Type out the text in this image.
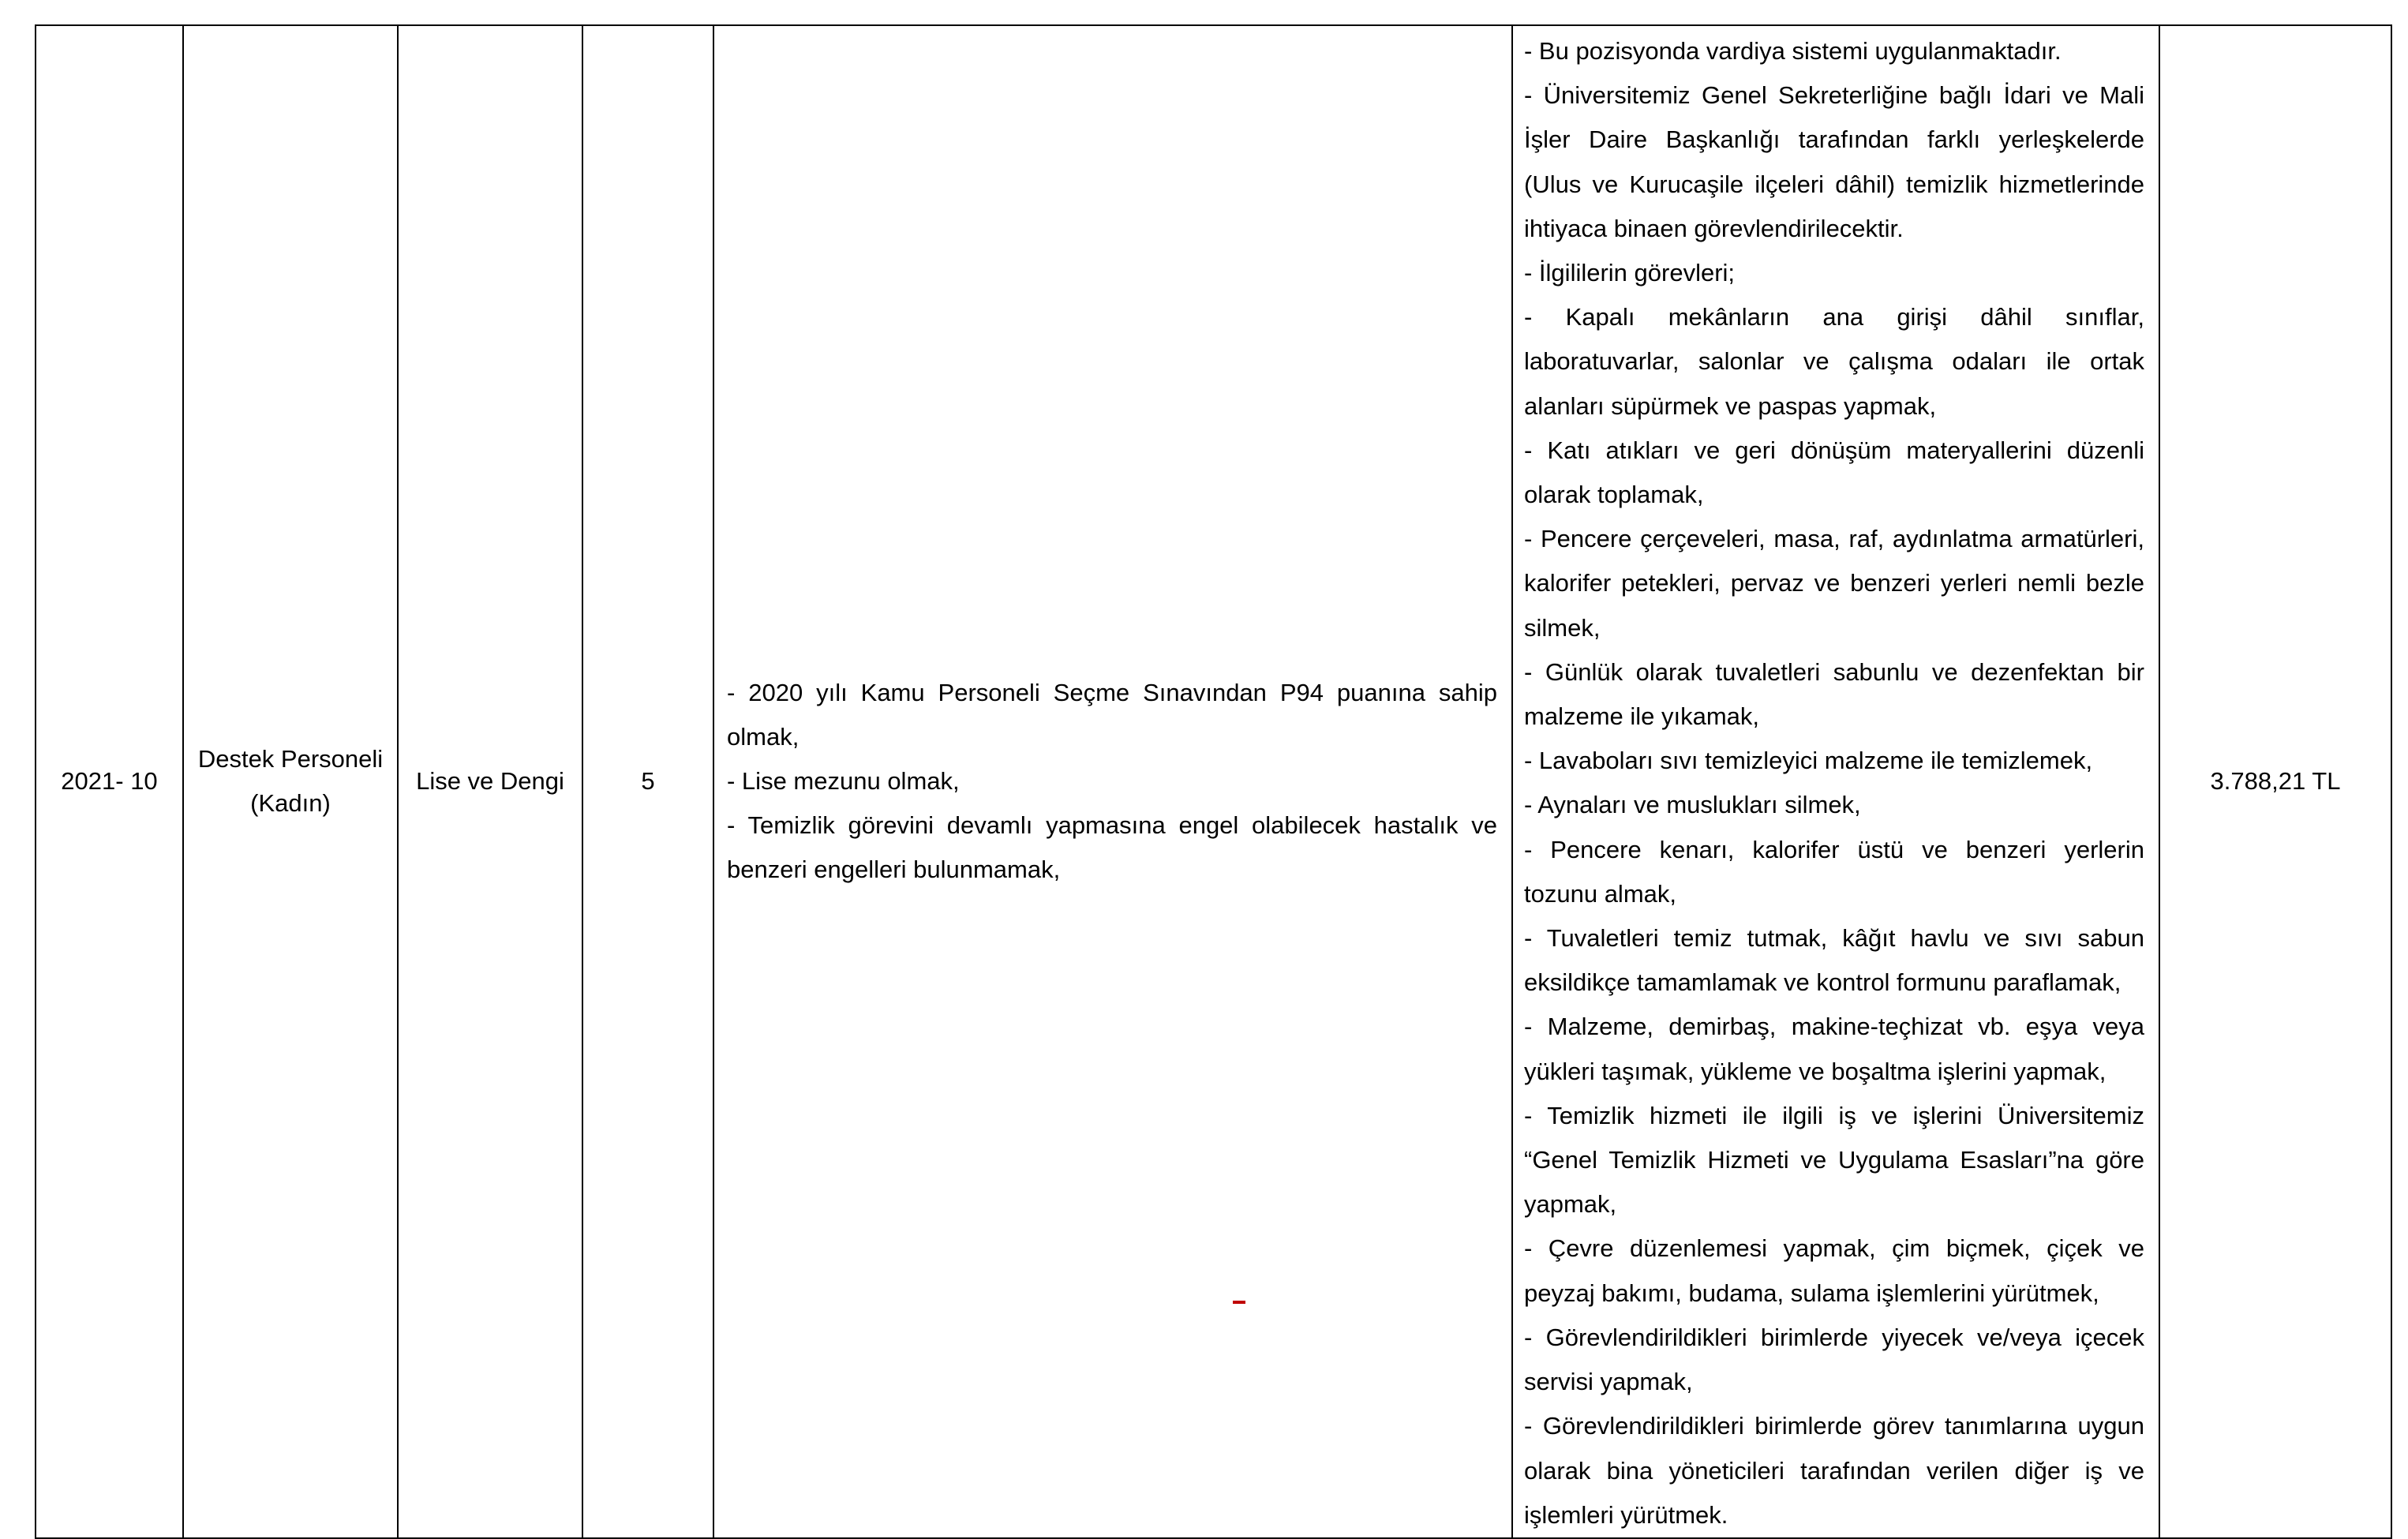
2021- 10

Destek Personeli (Kadın)

Lise ve Dengi	5

- 2020 yılı Kamu Personeli Seçme Sınavından P94 puanına sahip olmak,
- Lise mezunu olmak,
- Temizlik görevini devamlı yapmasına engel olabilecek hastalık ve benzeri engelleri bulunmamak,

- Bu pozisyonda vardiya sistemi uygulanmaktadır.
- Üniversitemiz Genel Sekreterliğine bağlı İdari ve Mali İşler Daire Başkanlığı tarafından farklı yerleşkelerde (Ulus ve Kurucaşile ilçeleri dâhil) temizlik hizmetlerinde ihtiyaca binaen görevlendirilecektir.
- İlgililerin görevleri;
- Kapalı mekânların ana girişi dâhil sınıflar, laboratuvarlar, salonlar ve çalışma odaları ile ortak alanları süpürmek ve paspas yapmak,
- Katı atıkları ve geri dönüşüm materyallerini düzenli olarak toplamak,
- Pencere çerçeveleri, masa, raf, aydınlatma armatürleri, kalorifer petekleri, pervaz ve benzeri yerleri nemli bezle silmek,
- Günlük olarak tuvaletleri sabunlu ve dezenfektan bir malzeme ile yıkamak,
- Lavaboları sıvı temizleyici malzeme ile temizlemek,
- Aynaları ve muslukları silmek,
- Pencere kenarı, kalorifer üstü ve benzeri yerlerin tozunu almak,
- Tuvaletleri temiz tutmak, kâğıt havlu ve sıvı sabun eksildikçe tamamlamak ve kontrol formunu paraflamak,
- Malzeme, demirbaş, makine-teçhizat vb. eşya veya yükleri taşımak, yükleme ve boşaltma işlerini yapmak,
- Temizlik hizmeti ile ilgili iş ve işlerini Üniversitemiz “Genel Temizlik Hizmeti ve Uygulama Esasları”na göre yapmak,
- Çevre düzenlemesi yapmak, çim biçmek, çiçek ve peyzaj bakımı, budama, sulama işlemlerini yürütmek,
- Görevlendirildikleri birimlerde yiyecek ve/veya içecek servisi yapmak,
- Görevlendirildikleri birimlerde görev tanımlarına uygun olarak bina yöneticileri tarafından verilen diğer iş ve işlemleri yürütmek.

3.788,21 TL
